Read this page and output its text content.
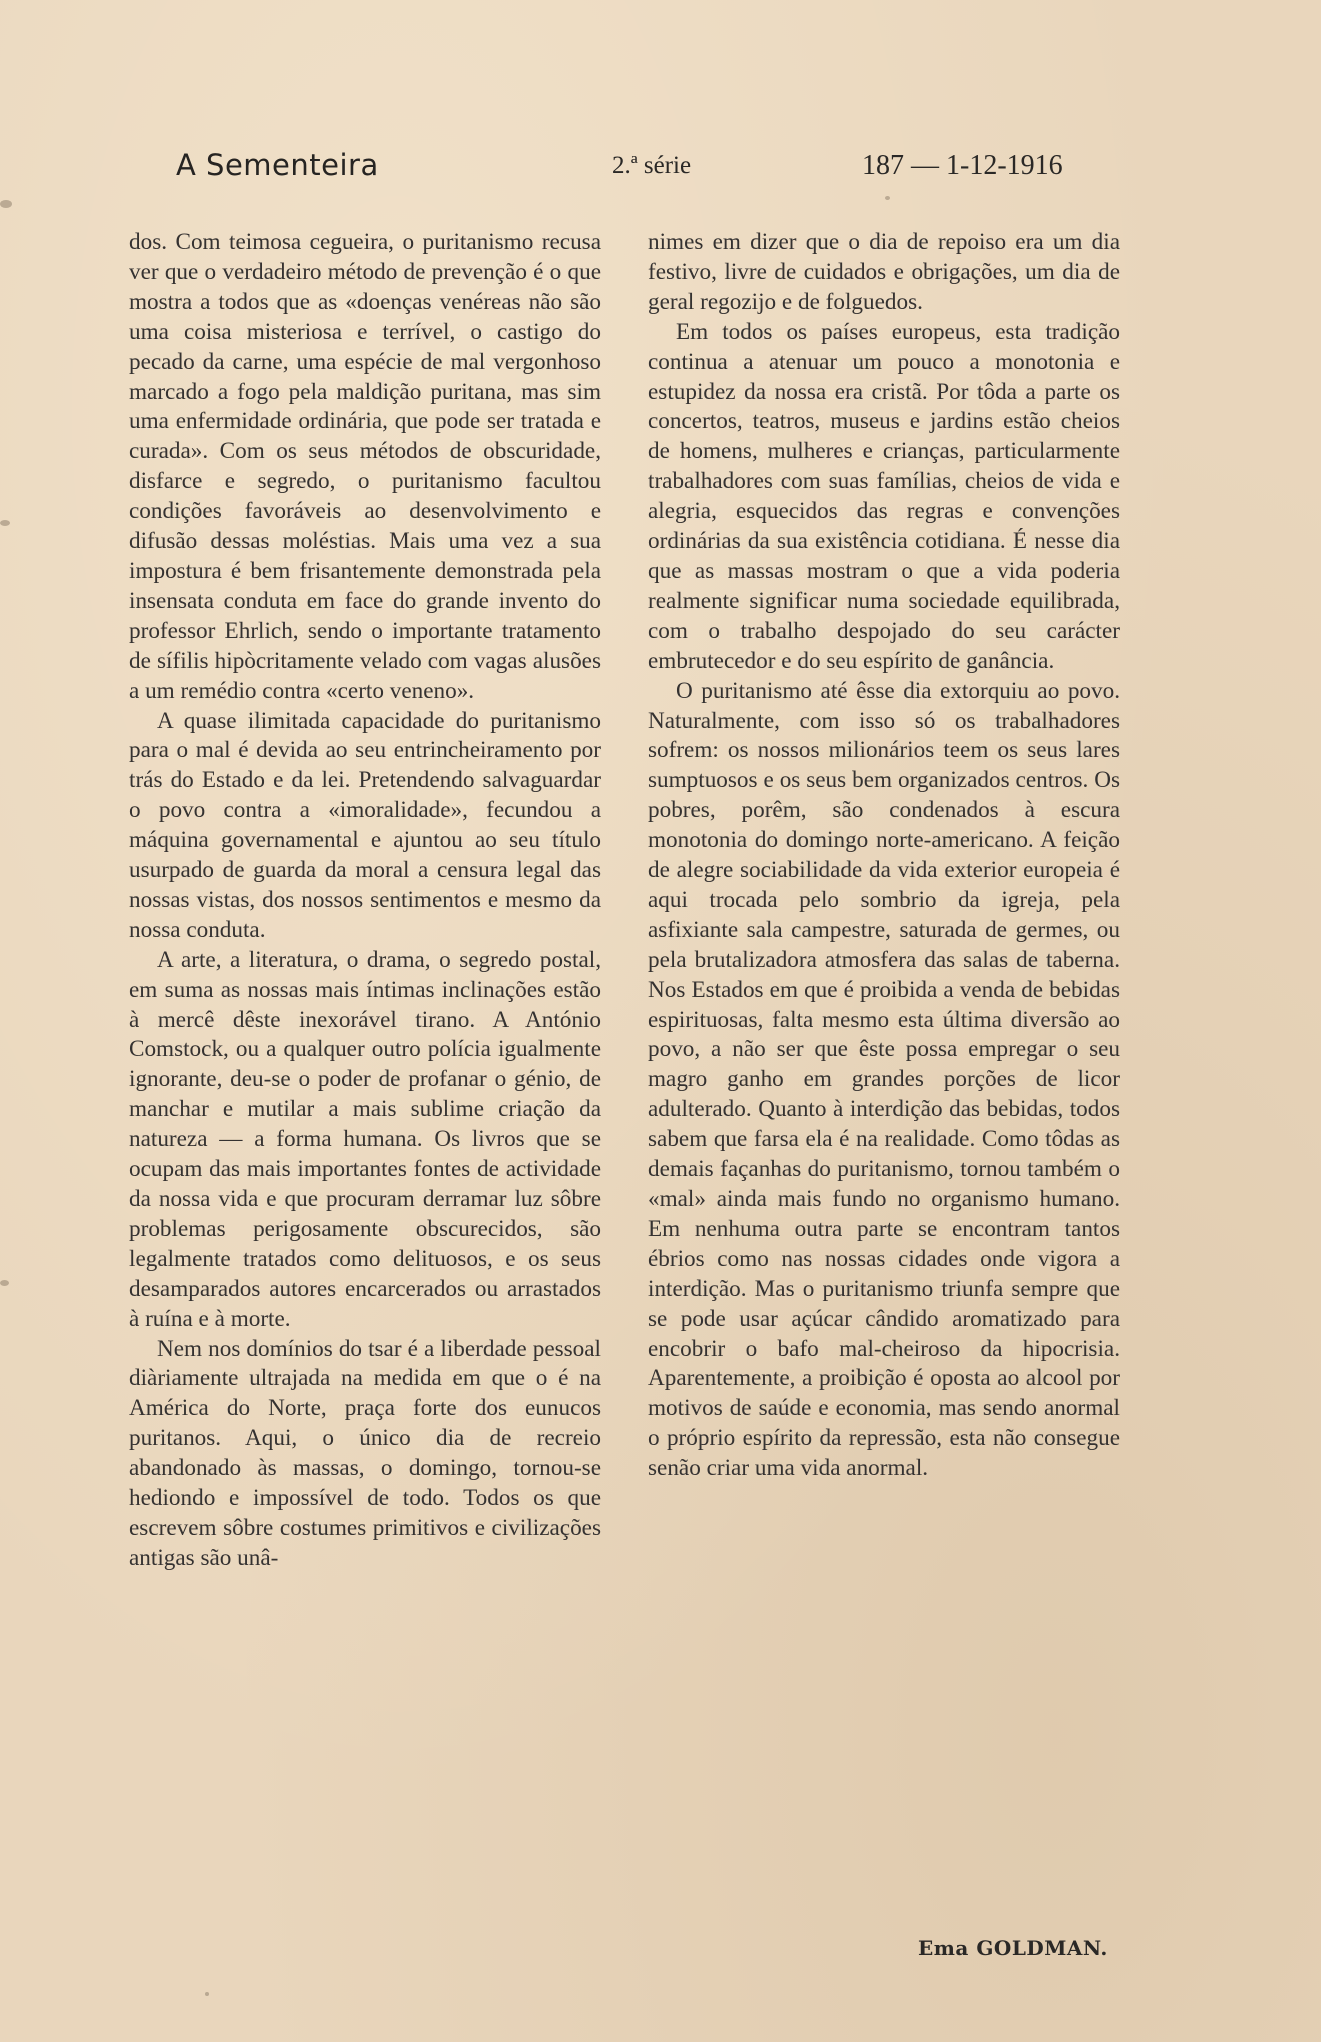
A Sementeira	2.ª série	187 — 1-12-1916

dos. Com teimosa cegueira, o puritanismo recusa ver que o verdadeiro método de prevenção é o que mostra a todos que as «doenças venéreas não são uma coisa misteriosa e terrível, o castigo do pecado da carne, uma espécie de mal vergonhoso marcado a fogo pela maldição puritana, mas sim uma enfermidade ordinária, que pode ser tratada e curada». Com os seus métodos de obscuridade, disfarce e segredo, o puritanismo facultou condições favoráveis ao desenvolvimento e difusão dessas moléstias. Mais uma vez a sua impostura é bem frisantemente demonstrada pela insensata conduta em face do grande invento do professor Ehrlich, sendo o importante tratamento de sífilis hipòcritamente velado com vagas alusões a um remédio contra «certo veneno».

A quase ilimitada capacidade do puritanismo para o mal é devida ao seu entrincheiramento por trás do Estado e da lei. Pretendendo salvaguardar o povo contra a «imoralidade», fecundou a máquina governamental e ajuntou ao seu título usurpado de guarda da moral a censura legal das nossas vistas, dos nossos sentimentos e mesmo da nossa conduta.

A arte, a literatura, o drama, o segredo postal, em suma as nossas mais íntimas inclinações estão à mercê dêste inexorável tirano. A António Comstock, ou a qualquer outro polícia igualmente ignorante, deu-se o poder de profanar o génio, de manchar e mutilar a mais sublime criação da natureza — a forma humana. Os livros que se ocupam das mais importantes fontes de actividade da nossa vida e que procuram derramar luz sôbre problemas perigosamente obscurecidos, são legalmente tratados como delituosos, e os seus desamparados autores encarcerados ou arrastados à ruína e à morte.

Nem nos domínios do tsar é a liberdade pessoal diàriamente ultrajada na medida em que o é na América do Norte, praça forte dos eunucos puritanos. Aqui, o único dia de recreio abandonado às massas, o domingo, tornou-se hediondo e impossível de todo. Todos os que escrevem sôbre costumes primitivos e civilizações antigas são unâ-

nimes em dizer que o dia de repoiso era um dia festivo, livre de cuidados e obrigações, um dia de geral regozijo e de folguedos.

Em todos os países europeus, esta tradição continua a atenuar um pouco a monotonia e estupidez da nossa era cristã. Por tôda a parte os concertos, teatros, museus e jardins estão cheios de homens, mulheres e crianças, particularmente trabalhadores com suas famílias, cheios de vida e alegria, esquecidos das regras e convenções ordinárias da sua existência cotidiana. É nesse dia que as massas mostram o que a vida poderia realmente significar numa sociedade equilibrada, com o trabalho despojado do seu carácter embrutecedor e do seu espírito de ganância.

O puritanismo até êsse dia extorquiu ao povo. Naturalmente, com isso só os trabalhadores sofrem: os nossos milionários teem os seus lares sumptuosos e os seus bem organizados centros. Os pobres, porêm, são condenados à escura monotonia do domingo norte-americano. A feição de alegre sociabilidade da vida exterior europeia é aqui trocada pelo sombrio da igreja, pela asfixiante sala campestre, saturada de germes, ou pela brutalizadora atmosfera das salas de taberna. Nos Estados em que é proibida a venda de bebidas espirituosas, falta mesmo esta última diversão ao povo, a não ser que êste possa empregar o seu magro ganho em grandes porções de licor adulterado. Quanto à interdição das bebidas, todos sabem que farsa ela é na realidade. Como tôdas as demais façanhas do puritanismo, tornou também o «mal» ainda mais fundo no organismo humano. Em nenhuma outra parte se encontram tantos ébrios como nas nossas cidades onde vigora a interdição. Mas o puritanismo triunfa sempre que se pode usar açúcar cândido aromatizado para encobrir o bafo mal-cheiroso da hipocrisia. Aparentemente, a proibição é oposta ao alcool por motivos de saúde e economia, mas sendo anormal o próprio espírito da repressão, esta não consegue senão criar uma vida anormal.

Ema GOLDMAN.
